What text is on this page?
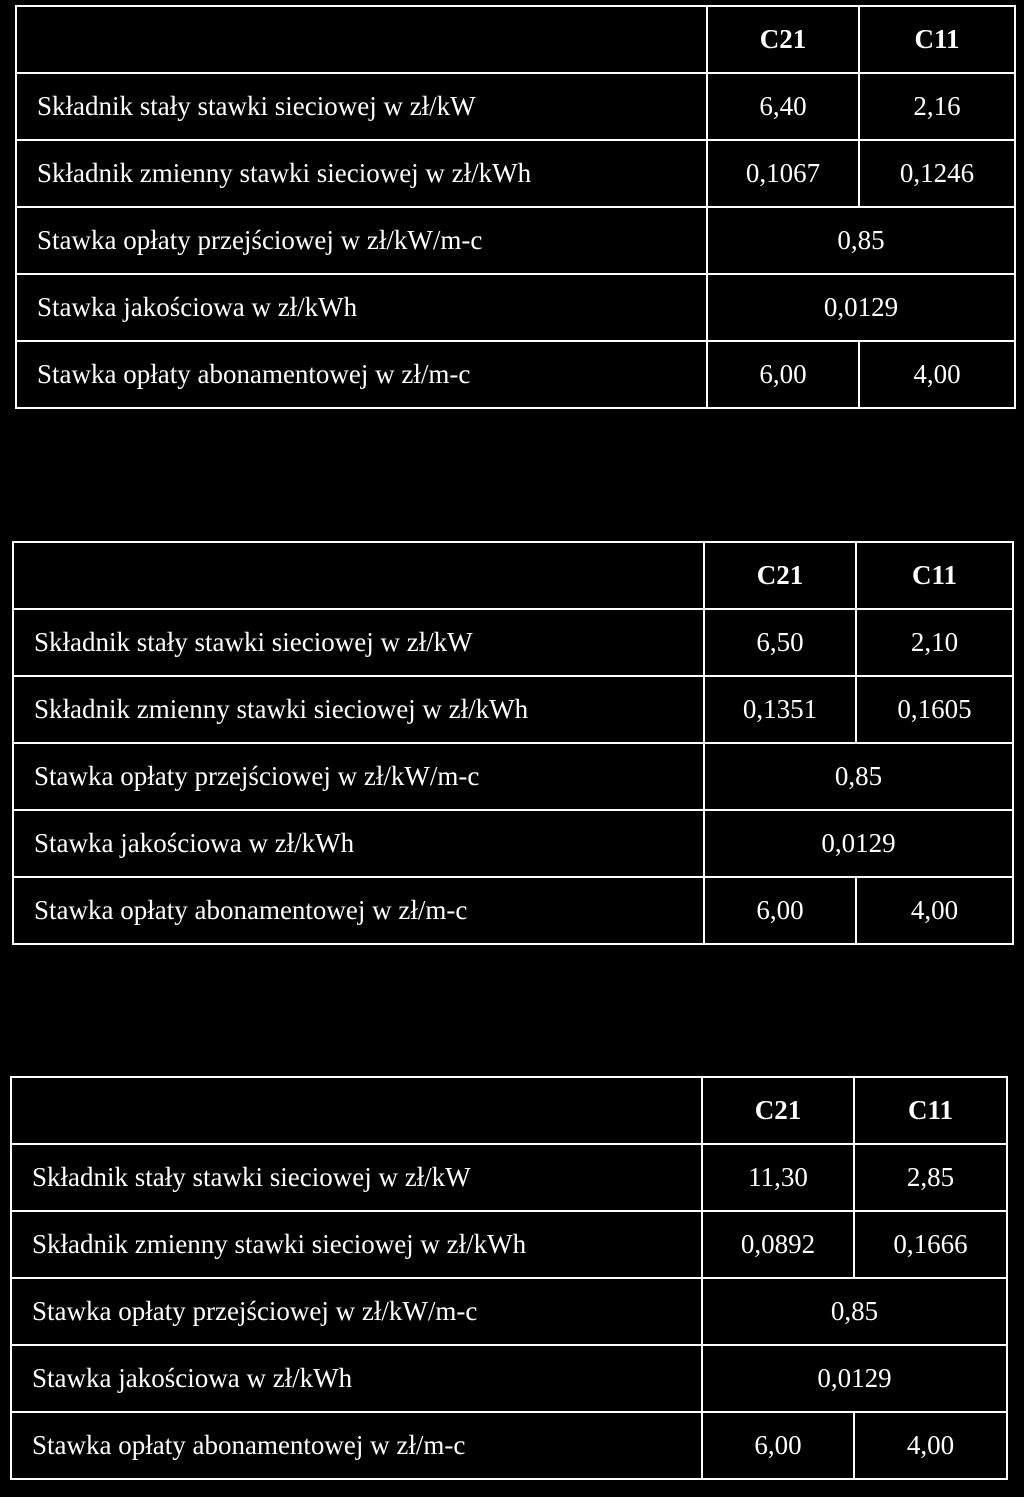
	C21	C11
Składnik stały stawki sieciowej w zł/kW	6,40	2,16
Składnik zmienny stawki sieciowej w zł/kWh	0,1067	0,1246
Stawka opłaty przejściowej w zł/kW/m-c	0,85	
Stawka jakościowa w zł/kWh	0,0129	
Stawka opłaty abonamentowej w zł/m-c	6,00	4,00
	C21	C11
Składnik stały stawki sieciowej w zł/kW	6,50	2,10
Składnik zmienny stawki sieciowej w zł/kWh	0,1351	0,1605
Stawka opłaty przejściowej w zł/kW/m-c	0,85	
Stawka jakościowa w zł/kWh	0,0129	
Stawka opłaty abonamentowej w zł/m-c	6,00	4,00
	C21	C11
Składnik stały stawki sieciowej w zł/kW	11,30	2,85
Składnik zmienny stawki sieciowej w zł/kWh	0,0892	0,1666
Stawka opłaty przejściowej w zł/kW/m-c	0,85	
Stawka jakościowa w zł/kWh	0,0129	
Stawka opłaty abonamentowej w zł/m-c	6,00	4,00
